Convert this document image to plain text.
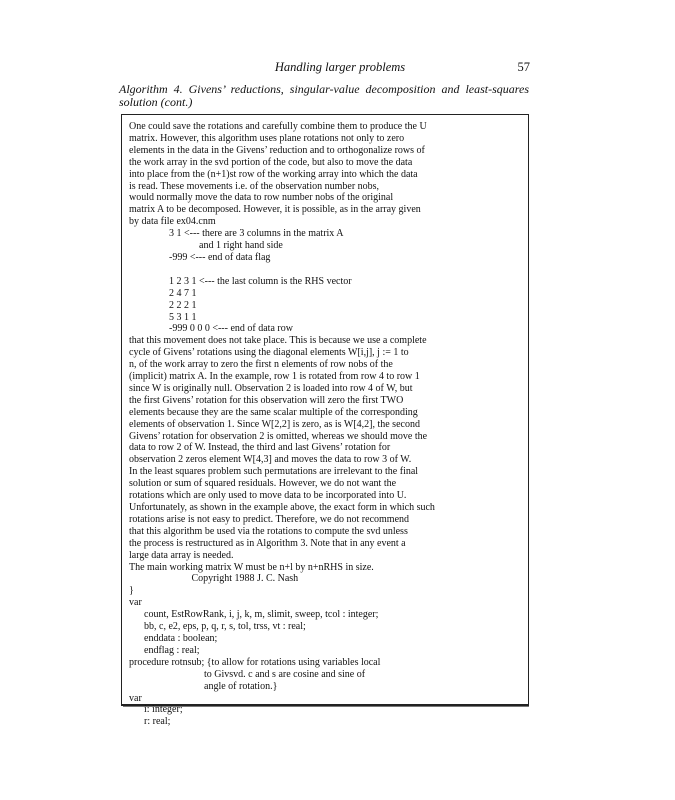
Handling larger problems	57
Algorithm 4. Givens’ reductions, singular-value decomposition and least-squares solution (cont.)
One could save the rotations and carefully combine them to produce the U
matrix. However, this algorithm uses plane rotations not only to zero
elements in the data in the Givens’ reduction and to orthogonalize rows of
the work array in the svd portion of the code, but also to move the data
into place from the (n+1)st row of the working array into which the data
is read. These movements i.e. of the observation number nobs,
would normally move the data to row number nobs of the original
matrix A to be decomposed. However, it is possible, as in the array given
by data file ex04.cnm
3 1 <--- there are 3 columns in the matrix A
and 1 right hand side
-999 <--- end of data flag

1 2 3 1 <--- the last column is the RHS vector
2 4 7 1
2 2 2 1
5 3 1 1
-999 0 0 0 <--- end of data row
that this movement does not take place. This is because we use a complete
cycle of Givens’ rotations using the diagonal elements W[i,j], j := 1 to
n, of the work array to zero the first n elements of row nobs of the
(implicit) matrix A. In the example, row 1 is rotated from row 4 to row 1
since W is originally null. Observation 2 is loaded into row 4 of W, but
the first Givens’ rotation for this observation will zero the first TWO
elements because they are the same scalar multiple of the corresponding
elements of observation 1. Since W[2,2] is zero, as is W[4,2], the second
Givens’ rotation for observation 2 is omitted, whereas we should move the
data to row 2 of W. Instead, the third and last Givens’ rotation for
observation 2 zeros element W[4,3] and moves the data to row 3 of W.
In the least squares problem such permutations are irrelevant to the final
solution or sum of squared residuals. However, we do not want the
rotations which are only used to move data to be incorporated into U.
Unfortunately, as shown in the example above, the exact form in which such
rotations arise is not easy to predict. Therefore, we do not recommend
that this algorithm be used via the rotations to compute the svd unless
the process is restructured as in Algorithm 3. Note that in any event a
large data array is needed.
The main working matrix W must be n+l by n+nRHS in size.
Copyright 1988 J. C. Nash
}
var
count, EstRowRank, i, j, k, m, slimit, sweep, tcol : integer;
bb, c, e2, eps, p, q, r, s, tol, trss, vt : real;
enddata : boolean;
endflag : real;
procedure rotnsub; {to allow for rotations using variables local
to Givsvd. c and s are cosine and sine of
angle of rotation.}
var
i: integer;
r: real;
